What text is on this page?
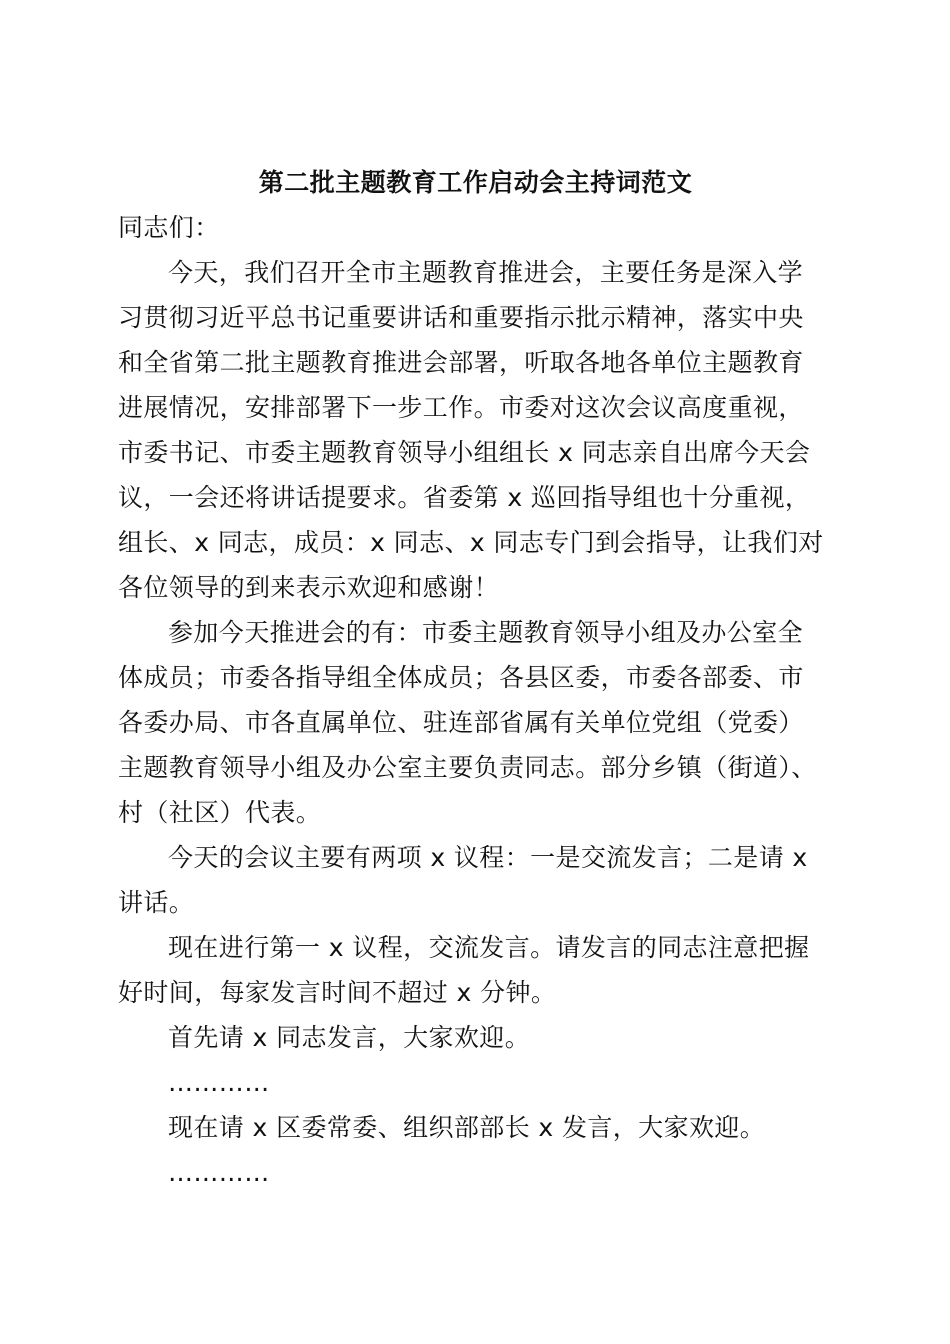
第二批主题教育工作启动会主持词范文
同志们：
今天，我们召开全市主题教育推进会，主要任务是深入学
习贯彻习近平总书记重要讲话和重要指示批示精神，落实中央
和全省第二批主题教育推进会部署，听取各地各单位主题教育
进展情况，安排部署下一步工作。市委对这次会议高度重视，
市委书记、市委主题教育领导小组组长 x 同志亲自出席今天会
议，一会还将讲话提要求。省委第 x 巡回指导组也十分重视，
组长、x 同志，成员：x 同志、x 同志专门到会指导，让我们对
各位领导的到来表示欢迎和感谢！
参加今天推进会的有：市委主题教育领导小组及办公室全
体成员；市委各指导组全体成员；各县区委，市委各部委、市
各委办局、市各直属单位、驻连部省属有关单位党组（党委）
主题教育领导小组及办公室主要负责同志。部分乡镇（街道）、
村（社区）代表。
今天的会议主要有两项 x 议程：一是交流发言；二是请 x
讲话。
现在进行第一 x 议程，交流发言。请发言的同志注意把握
好时间，每家发言时间不超过 x 分钟。
首先请 x 同志发言，大家欢迎。
…………
现在请 x 区委常委、组织部部长 x 发言，大家欢迎。
…………
